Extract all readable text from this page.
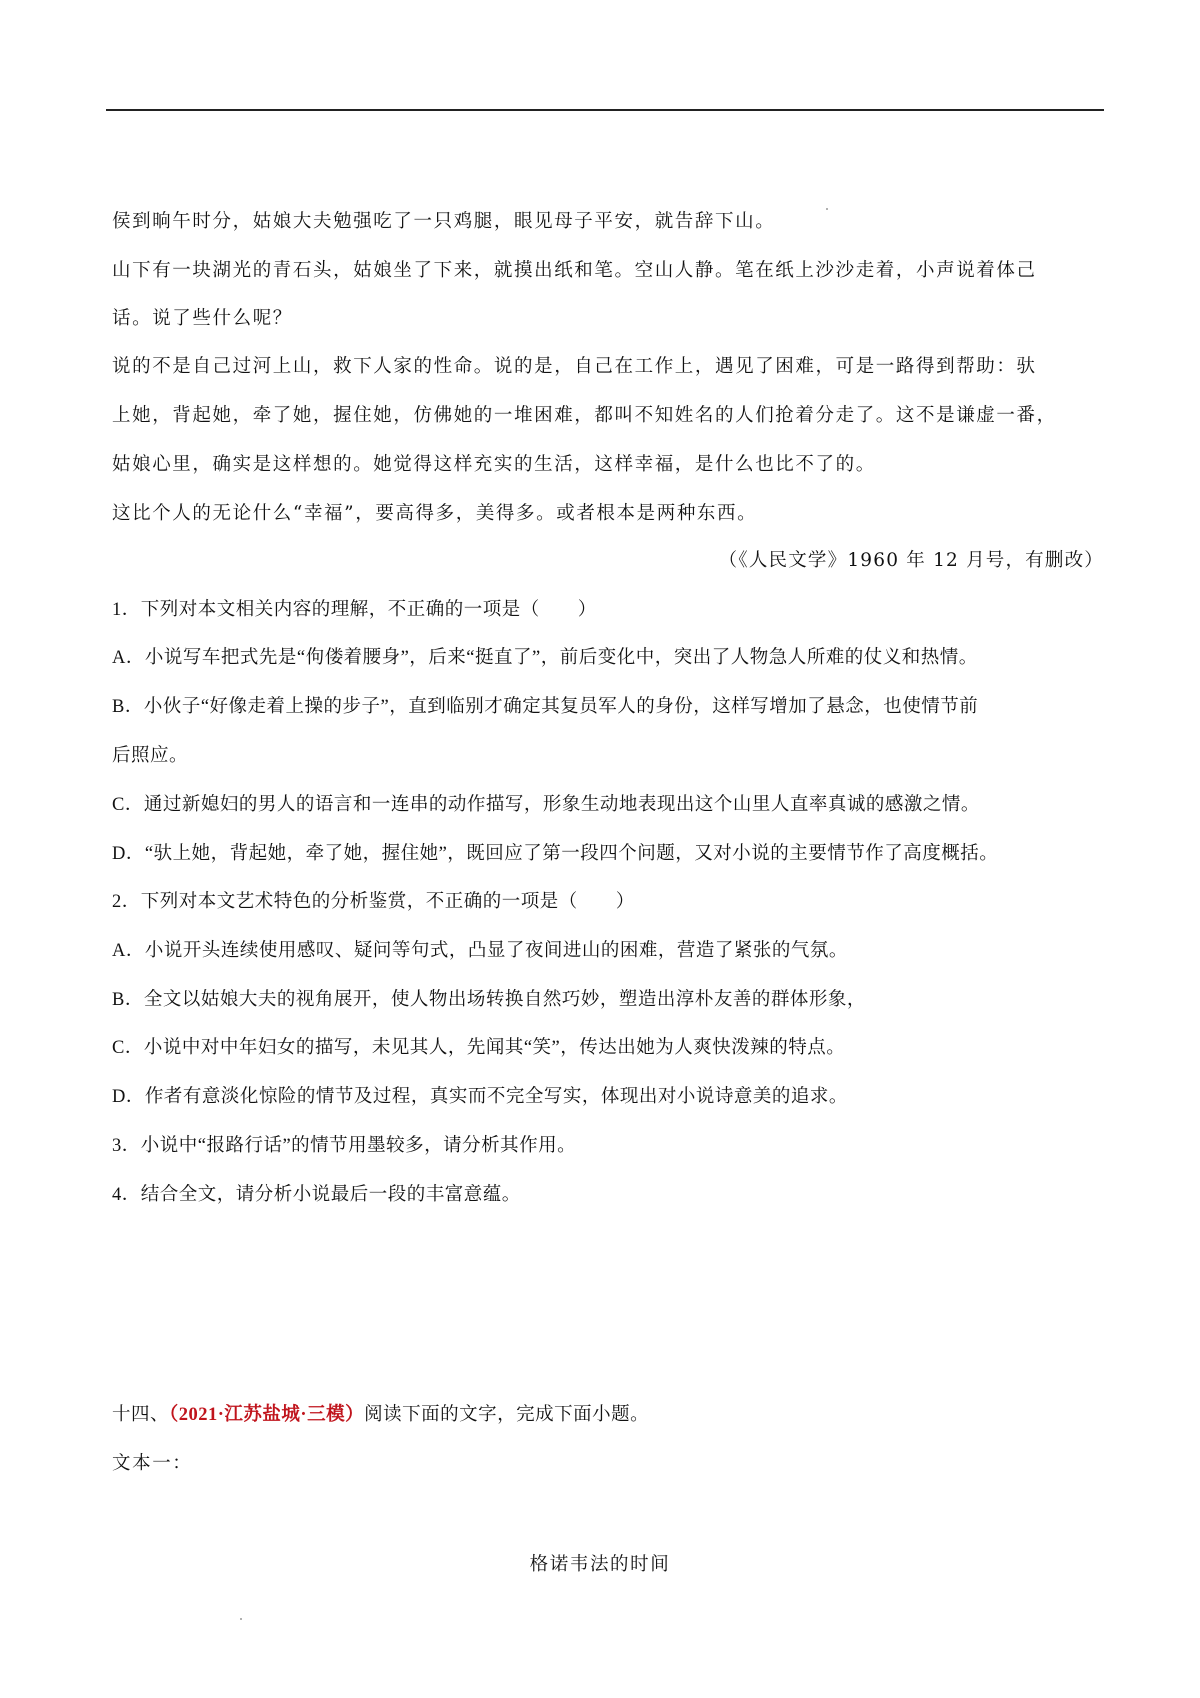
侯到晌午时分，姑娘大夫勉强吃了一只鸡腿，眼见母子平安，就告辞下山。
山下有一块湖光的青石头，姑娘坐了下来，就摸出纸和笔。空山人静。笔在纸上沙沙走着，小声说着体己
话。说了些什么呢？
说的不是自己过河上山，救下人家的性命。说的是，自己在工作上，遇见了困难，可是一路得到帮助：驮
上她，背起她，牵了她，握住她，仿佛她的一堆困难，都叫不知姓名的人们抢着分走了。这不是谦虚一番，
姑娘心里，确实是这样想的。她觉得这样充实的生活，这样幸福，是什么也比不了的。
这比个人的无论什么“幸福”，要高得多，美得多。或者根本是两种东西。
（《人民文学》1960 年 12 月号，有删改）
1．下列对本文相关内容的理解，不正确的一项是（　　）
A．小说写车把式先是“佝偻着腰身”，后来“挺直了”，前后变化中，突出了人物急人所难的仗义和热情。
B．小伙子“好像走着上操的步子”，直到临别才确定其复员军人的身份，这样写增加了悬念，也使情节前
后照应。
C．通过新媳妇的男人的语言和一连串的动作描写，形象生动地表现出这个山里人直率真诚的感激之情。
D．“驮上她，背起她，牵了她，握住她”，既回应了第一段四个问题，又对小说的主要情节作了高度概括。
2．下列对本文艺术特色的分析鉴赏，不正确的一项是（　　）
A．小说开头连续使用感叹、疑问等句式，凸显了夜间进山的困难，营造了紧张的气氛。
B．全文以姑娘大夫的视角展开，使人物出场转换自然巧妙，塑造出淳朴友善的群体形象，
C．小说中对中年妇女的描写，未见其人，先闻其“笑”，传达出她为人爽快泼辣的特点。
D．作者有意淡化惊险的情节及过程，真实而不完全写实，体现出对小说诗意美的追求。
3．小说中“报路行话”的情节用墨较多，请分析其作用。
4．结合全文，请分析小说最后一段的丰富意蕴。
十四、（2021·江苏盐城·三模）阅读下面的文字，完成下面小题。
文本一：
格诺韦法的时间
